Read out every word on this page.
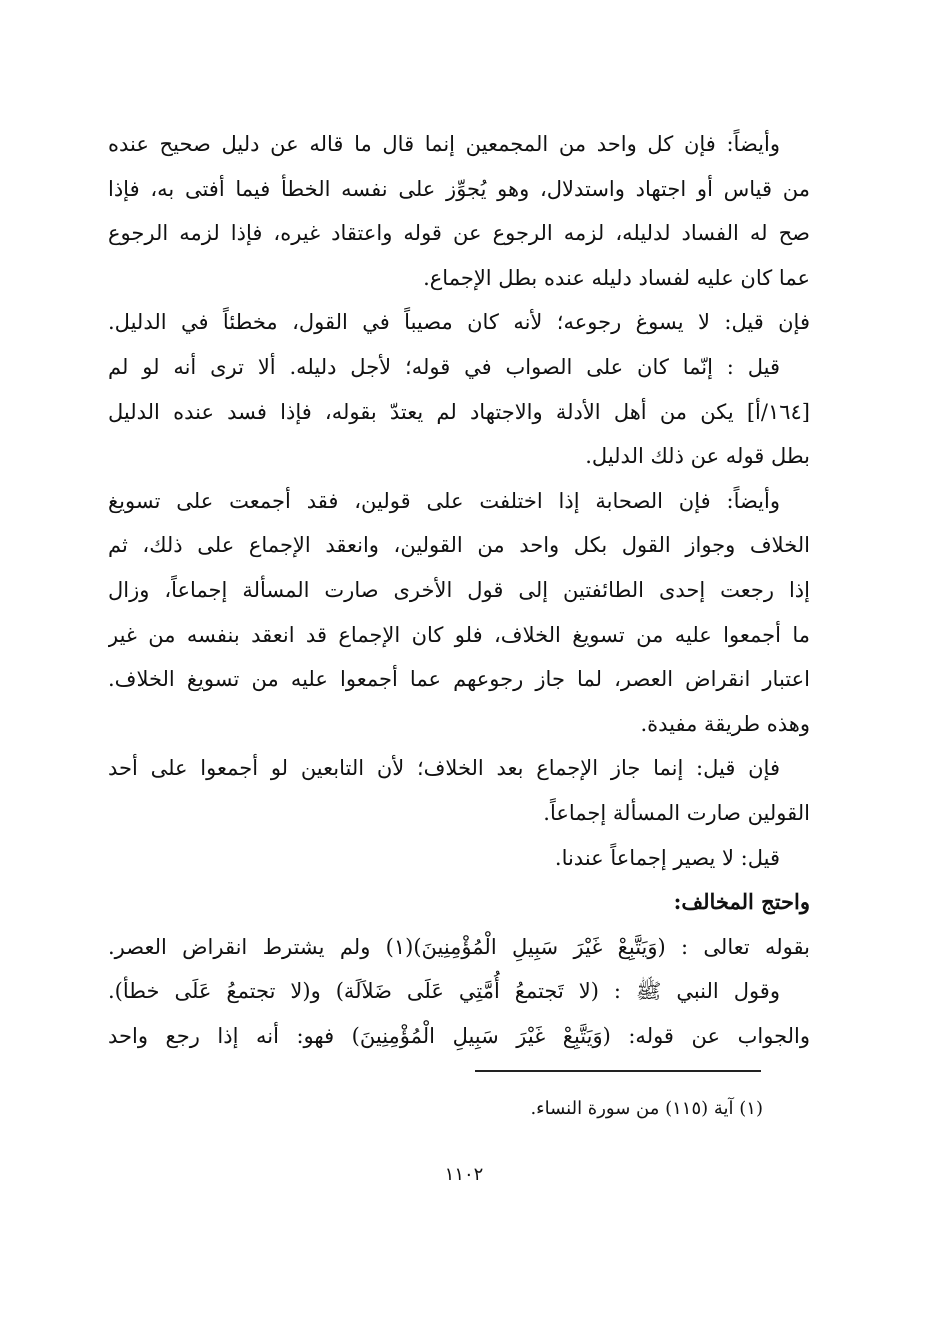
وأيضاً: فإن كل واحد من المجمعين إنما قال ما قاله عن دليل صحيح عنده
من قياس أو اجتهاد واستدلال، وهو يُجوِّز على نفسه الخطأ فيما أفتى به، فإذا
صح له الفساد لدليله، لزمه الرجوع عن قوله واعتقاد غيره، فإذا لزمه الرجوع
عما كان عليه لفساد دليله عنده بطل الإجماع.
فإن قيل: لا يسوغ رجوعه؛ لأنه كان مصيباً في القول، مخطئاً في الدليل.
قيل : إنّما كان على الصواب في قوله؛ لأجل دليله. ألا ترى أنه لو لم
[١٦٤/أ] يكن من أهل الأدلة والاجتهاد لم يعتدّ بقوله، فإذا فسد عنده الدليل
بطل قوله عن ذلك الدليل.
وأيضاً: فإن الصحابة إذا اختلفت على قولين، فقد أجمعت على تسويغ
الخلاف وجواز القول بكل واحد من القولين، وانعقد الإجماع على ذلك، ثم
إذا رجعت إحدى الطائفتين إلى قول الأخرى صارت المسألة إجماعاً، وزال
ما أجمعوا عليه من تسويغ الخلاف، فلو كان الإجماع قد انعقد بنفسه من غير
اعتبار انقراض العصر، لما جاز رجوعهم عما أجمعوا عليه من تسويغ الخلاف.
وهذه طريقة مفيدة.
فإن قيل: إنما جاز الإجماع بعد الخلاف؛ لأن التابعين لو أجمعوا على أحد
القولين صارت المسألة إجماعاً.
قيل: لا يصير إجماعاً عندنا.
واحتج المخالف:
بقوله تعالى : (وَيَتَّبِعْ غَيْرَ سَبِيلِ الْمُؤْمِنِينَ)(١) ولم يشترط انقراض العصر.
وقول النبي ﷺ : (لا تَجتمعُ أُمَّتِي عَلَى ضَلاَلَة) و(لا تجتمعُ عَلَى خطأ).
والجواب عن قوله: (وَيَتَّبِعْ غَيْرَ سَبِيلِ الْمُؤْمِنِينَ) فهو: أنه إذا رجع واحد
(١) آية (١١٥) من سورة النساء.
١١٠٢
